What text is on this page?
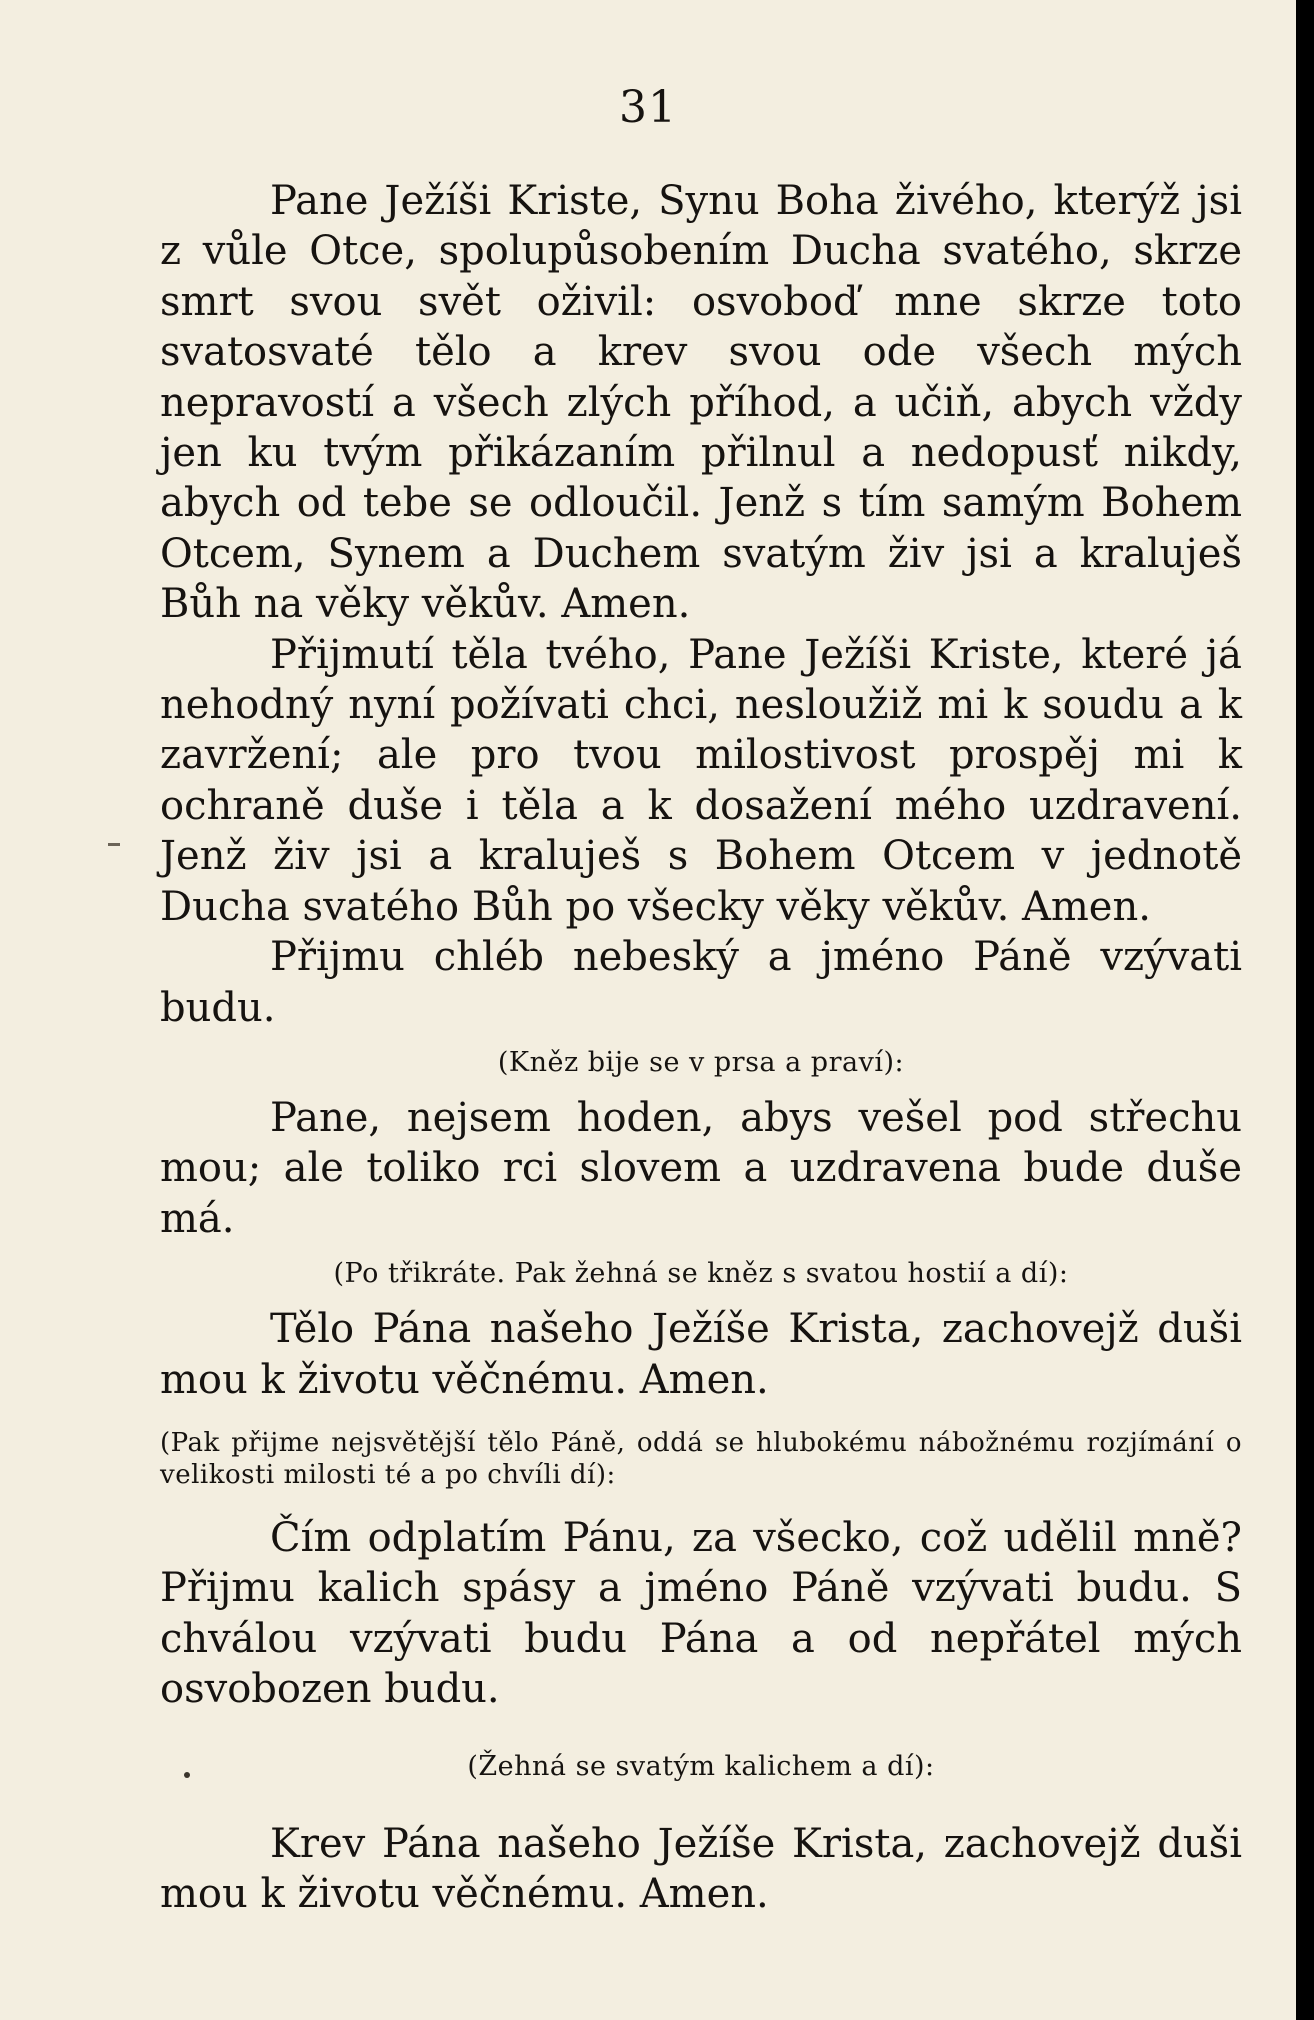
31

Pane Ježíši Kriste, Synu Boha živého, kterýž jsi z vůle Otce, spolupůsobením Ducha svatého, skrze smrt svou svět oživil: osvoboď mne skrze toto svatosvaté tělo a krev svou ode všech mých nepravostí a všech zlých příhod, a učiň, abych vždy jen ku tvým přikázaním přilnul a nedopusť nikdy, abych od tebe se odloučil. Jenž s tím samým Bohem Otcem, Synem a Duchem svatým živ jsi a kraluješ Bůh na věky věkův. Amen.

Přijmutí těla tvého, Pane Ježíši Kriste, které já nehodný nyní požívati chci, nesloužiž mi k soudu a k zavržení; ale pro tvou milostivost prospěj mi k ochraně duše i těla a k dosažení mého uzdravení. Jenž živ jsi a kraluješ s Bohem Otcem v jednotě Ducha svatého Bůh po všecky věky věkův. Amen.

Přijmu chléb nebeský a jméno Páně vzývati budu.

(Kněz bije se v prsa a praví):

Pane, nejsem hoden, abys vešel pod střechu mou; ale toliko rci slovem a uzdravena bude duše má.

(Po třikráte. Pak žehná se kněz s svatou hostií a dí):

Tělo Pána našeho Ježíše Krista, zachovejž duši mou k životu věčnému. Amen.

(Pak přijme nejsvětější tělo Páně, oddá se hlubokému nábožnému rozjímání o velikosti milosti té a po chvíli dí):

Čím odplatím Pánu, za všecko, což udělil mně? Přijmu kalich spásy a jméno Páně vzývati budu. S chválou vzývati budu Pána a od nepřátel mých osvobozen budu.

(Žehná se svatým kalichem a dí):

Krev Pána našeho Ježíše Krista, zachovejž duši mou k životu věčnému. Amen.
